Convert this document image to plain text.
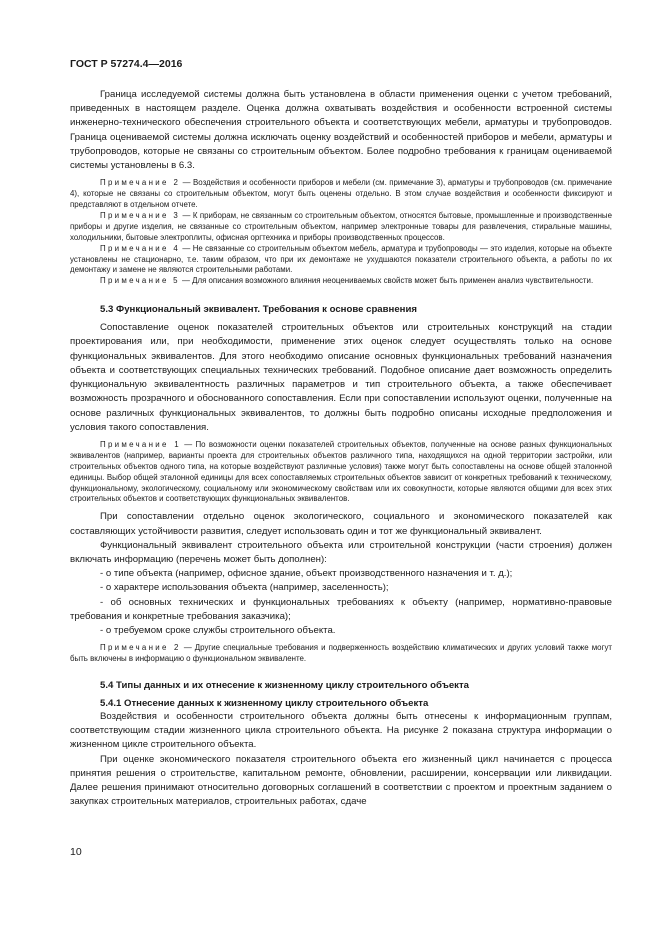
ГОСТ Р 57274.4—2016

Граница исследуемой системы должна быть установлена в области применения оценки с учетом требований, приведенных в настоящем разделе. Оценка должна охватывать воздействия и особенности встроенной системы инженерно-технического обеспечения строительного объекта и соответствующих мебели, арматуры и трубопроводов. Граница оцениваемой системы должна исключать оценку воздействий и особенностей приборов и мебели, арматуры и трубопроводов, которые не связаны со строительным объектом. Более подробно требования к границам оцениваемой системы установлены в 6.3.

Примечание 2 — Воздействия и особенности приборов и мебели (см. примечание 3), арматуры и трубопроводов (см. примечание 4), которые не связаны со строительным объектом, могут быть оценены отдельно. В этом случае воздействия и особенности фиксируют и представляют в отдельном отчете.

Примечание 3 — К приборам, не связанным со строительным объектом, относятся бытовые, промышленные и производственные приборы и другие изделия, не связанные со строительным объектом, например электронные товары для развлечения, стиральные машины, холодильники, бытовые электроплиты, офисная оргтехника и приборы производственных процессов.

Примечание 4 — Не связанные со строительным объектом мебель, арматура и трубопроводы — это изделия, которые на объекте установлены не стационарно, т.е. таким образом, что при их демонтаже не ухудшаются показатели строительного объекта, а работы по их демонтажу и замене не являются строительными работами.

Примечание 5 — Для описания возможного влияния неоцениваемых свойств может быть применен анализ чувствительности.

5.3 Функциональный эквивалент. Требования к основе сравнения

Сопоставление оценок показателей строительных объектов или строительных конструкций на стадии проектирования или, при необходимости, применение этих оценок следует осуществлять только на основе функциональных эквивалентов. Для этого необходимо описание основных функциональных требований назначения объекта и соответствующих специальных технических требований. Подобное описание дает возможность определить функциональную эквивалентность различных параметров и тип строительного объекта, а также обеспечивает возможность прозрачного и обоснованного сопоставления. Если при сопоставлении используют оценки, полученные на основе различных функциональных эквивалентов, то должны быть подробно описаны исходные предположения и условия такого сопоставления.

Примечание 1 — По возможности оценки показателей строительных объектов, полученные на основе разных функциональных эквивалентов (например, варианты проекта для строительных объектов различного типа, находящихся на одной территории застройки, или строительных объектов одного типа, на которые воздействуют различные условия) также могут быть сопоставлены на основе общей эталонной единицы. Выбор общей эталонной единицы для всех сопоставляемых строительных объектов зависит от конкретных требований к техническому, функциональному, экологическому, социальному или экономическому свойствам или их совокупности, которые являются общими для всех этих строительных объектов и соответствующих функциональных эквивалентов.

При сопоставлении отдельно оценок экологического, социального и экономического показателей как составляющих устойчивости развития, следует использовать один и тот же функциональный эквивалент.

Функциональный эквивалент строительного объекта или строительной конструкции (части строения) должен включать информацию (перечень может быть дополнен):

- о типе объекта (например, офисное здание, объект производственного назначения и т. д.);

- о характере использования объекта (например, заселенность);

- об основных технических и функциональных требованиях к объекту (например, нормативно-правовые требования и конкретные требования заказчика);

- о требуемом сроке службы строительного объекта.

Примечание 2 — Другие специальные требования и подверженность воздействию климатических и других условий также могут быть включены в информацию о функциональном эквиваленте.

5.4 Типы данных и их отнесение к жизненному циклу строительного объекта

5.4.1 Отнесение данных к жизненному циклу строительного объекта

Воздействия и особенности строительного объекта должны быть отнесены к информационным группам, соответствующим стадии жизненного цикла строительного объекта. На рисунке 2 показана структура информации о жизненном цикле строительного объекта.

При оценке экономического показателя строительного объекта его жизненный цикл начинается с процесса принятия решения о строительстве, капитальном ремонте, обновлении, расширении, консервации или ликвидации. Далее решения принимают относительно договорных соглашений в соответствии с проектом и проектным заданием о закупках строительных материалов, строительных работах, сдаче

10
